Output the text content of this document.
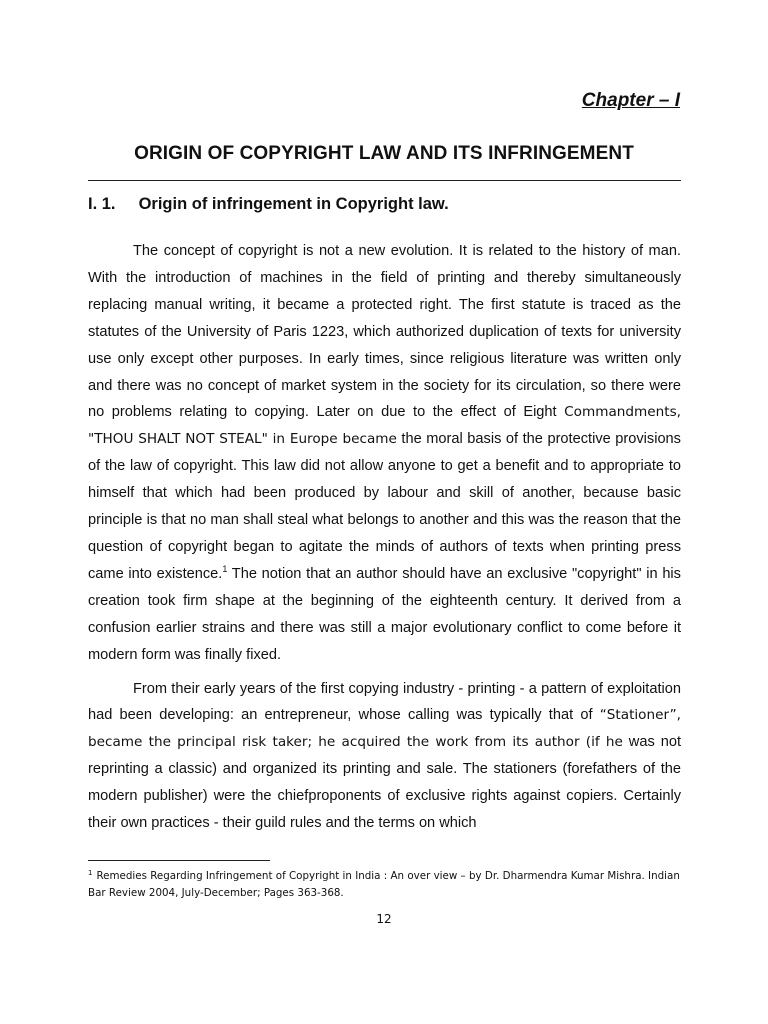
Chapter – I
ORIGIN OF COPYRIGHT LAW AND ITS INFRINGEMENT
I. 1. Origin of infringement in Copyright law.

The concept of copyright is not a new evolution. It is related to the history of man. With the introduction of machines in the field of printing and thereby simultaneously replacing manual writing, it became a protected right. The first statute is traced as the statutes of the University of Paris 1223, which authorized duplication of texts for university use only except other purposes. In early times, since religious literature was written only and there was no concept of market system in the society for its circulation, so there were no problems relating to copying. Later on due to the effect of Eight Commandments, "THOU SHALT NOT STEAL" in Europe became the moral basis of the protective provisions of the law of copyright. This law did not allow anyone to get a benefit and to appropriate to himself that which had been produced by labour and skill of another, because basic principle is that no man shall steal what belongs to another and this was the reason that the question of copyright began to agitate the minds of authors of texts when printing press came into existence.$^1$ The notion that an author should have an exclusive "copyright" in his creation took firm shape at the beginning of the eighteenth century. It derived from a confusion earlier strains and there was still a major evolutionary conflict to come before it modern form was finally fixed.

From their early years of the first copying industry - printing - a pattern of exploitation had been developing: an entrepreneur, whose calling was typically that of “Stationer”, became the principal risk taker; he acquired the work from its author (if he was not reprinting a classic) and organized its printing and sale. The stationers (forefathers of the modern publisher) were the chiefproponents of exclusive rights against copiers. Certainly their own practices - their guild rules and the terms on which

$^1$ Remedies Regarding Infringement of Copyright in India : An over view – by Dr. Dharmendra Kumar Mishra. Indian Bar Review 2004, July-December; Pages 363-368.
12
